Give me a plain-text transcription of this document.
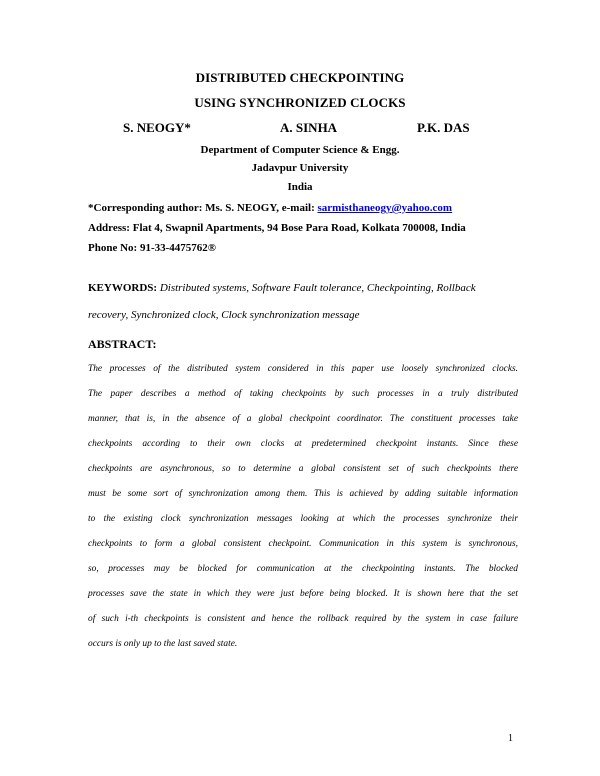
DISTRIBUTED CHECKPOINTING
USING SYNCHRONIZED CLOCKS
S. NEOGY*	A. SINHA	P.K. DAS
Department of Computer Science & Engg.
Jadavpur University
India
*Corresponding author: Ms. S. NEOGY, e-mail: sarmisthaneogy@yahoo.com
Address: Flat 4, Swapnil Apartments, 94 Bose Para Road, Kolkata 700008, India
Phone No: 91-33-4475762®
KEYWORDS: Distributed systems, Software Fault tolerance, Checkpointing, Rollback
recovery, Synchronized clock, Clock synchronization message
ABSTRACT:
The processes of the distributed system considered in this paper use loosely synchronized clocks.
The paper describes a method of taking checkpoints by such processes in a truly distributed
manner, that is, in the absence of a global checkpoint coordinator. The constituent processes take
checkpoints according to their own clocks at predetermined checkpoint instants. Since these
checkpoints are asynchronous, so to determine a global consistent set of such checkpoints there
must be some sort of synchronization among them. This is achieved by adding suitable information
to the existing clock synchronization messages looking at which the processes synchronize their
checkpoints to form a global consistent checkpoint. Communication in this system is synchronous,
so, processes may be blocked for communication at the checkpointing instants. The blocked
processes save the state in which they were just before being blocked. It is shown here that the set
of such i-th checkpoints is consistent and hence the rollback required by the system in case failure
occurs is only up to the last saved state.
1
